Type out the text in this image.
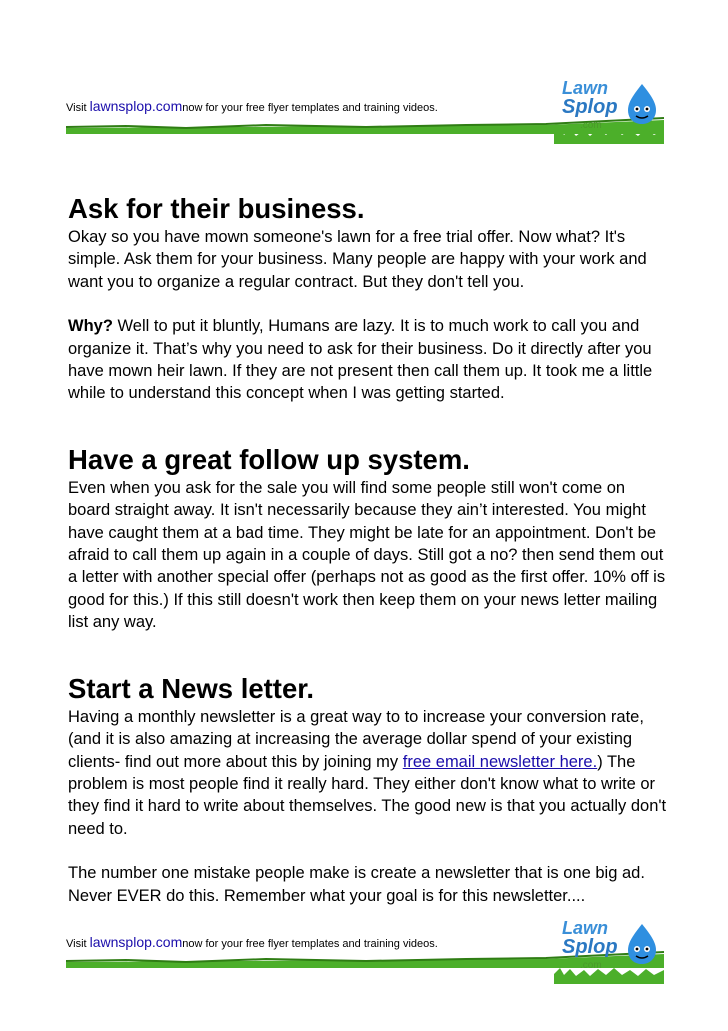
Visit lawnsplop.comnow for your free flyer templates and training videos.
Lawn
Splop
.com
Ask for their business.

Okay so you have mown someone's lawn for a free trial offer. Now what? It's simple. Ask them for your business. Many people are happy with your work and want you to organize a regular contract. But they don't tell you.

Why? Well to put it bluntly, Humans are lazy. It is to much work to call you and organize it. That’s why you need to ask for their business. Do it directly after you have mown heir lawn. If they are not present then call them up. It took me a little while to understand this concept when I was getting started.

Have a great follow up system.

Even when you ask for the sale you will find some people still won't come on board straight away. It isn't necessarily because they ain’t interested. You might have caught them at a bad time. They might be late for an appointment. Don't be afraid to call them up again in a couple of days. Still got a no? then send them out a letter with another special offer (perhaps not as good as the first offer. 10% off is good for this.) If this still doesn't work then keep them on your news letter mailing list any way.

Start a News letter.

Having a monthly newsletter is a great way to to increase your conversion rate, (and it is also amazing at increasing the average dollar spend of your existing clients- find out more about this by joining my free email newsletter here.) The problem is most people find it really hard. They either don't know what to write or they find it hard to write about themselves. The good new is that you actually don't need to.

The number one mistake people make is create a newsletter that is one big ad. Never EVER do this. Remember what your goal is for this newsletter....

Visit lawnsplop.comnow for your free flyer templates and training videos.
Lawn
Splop
.com
